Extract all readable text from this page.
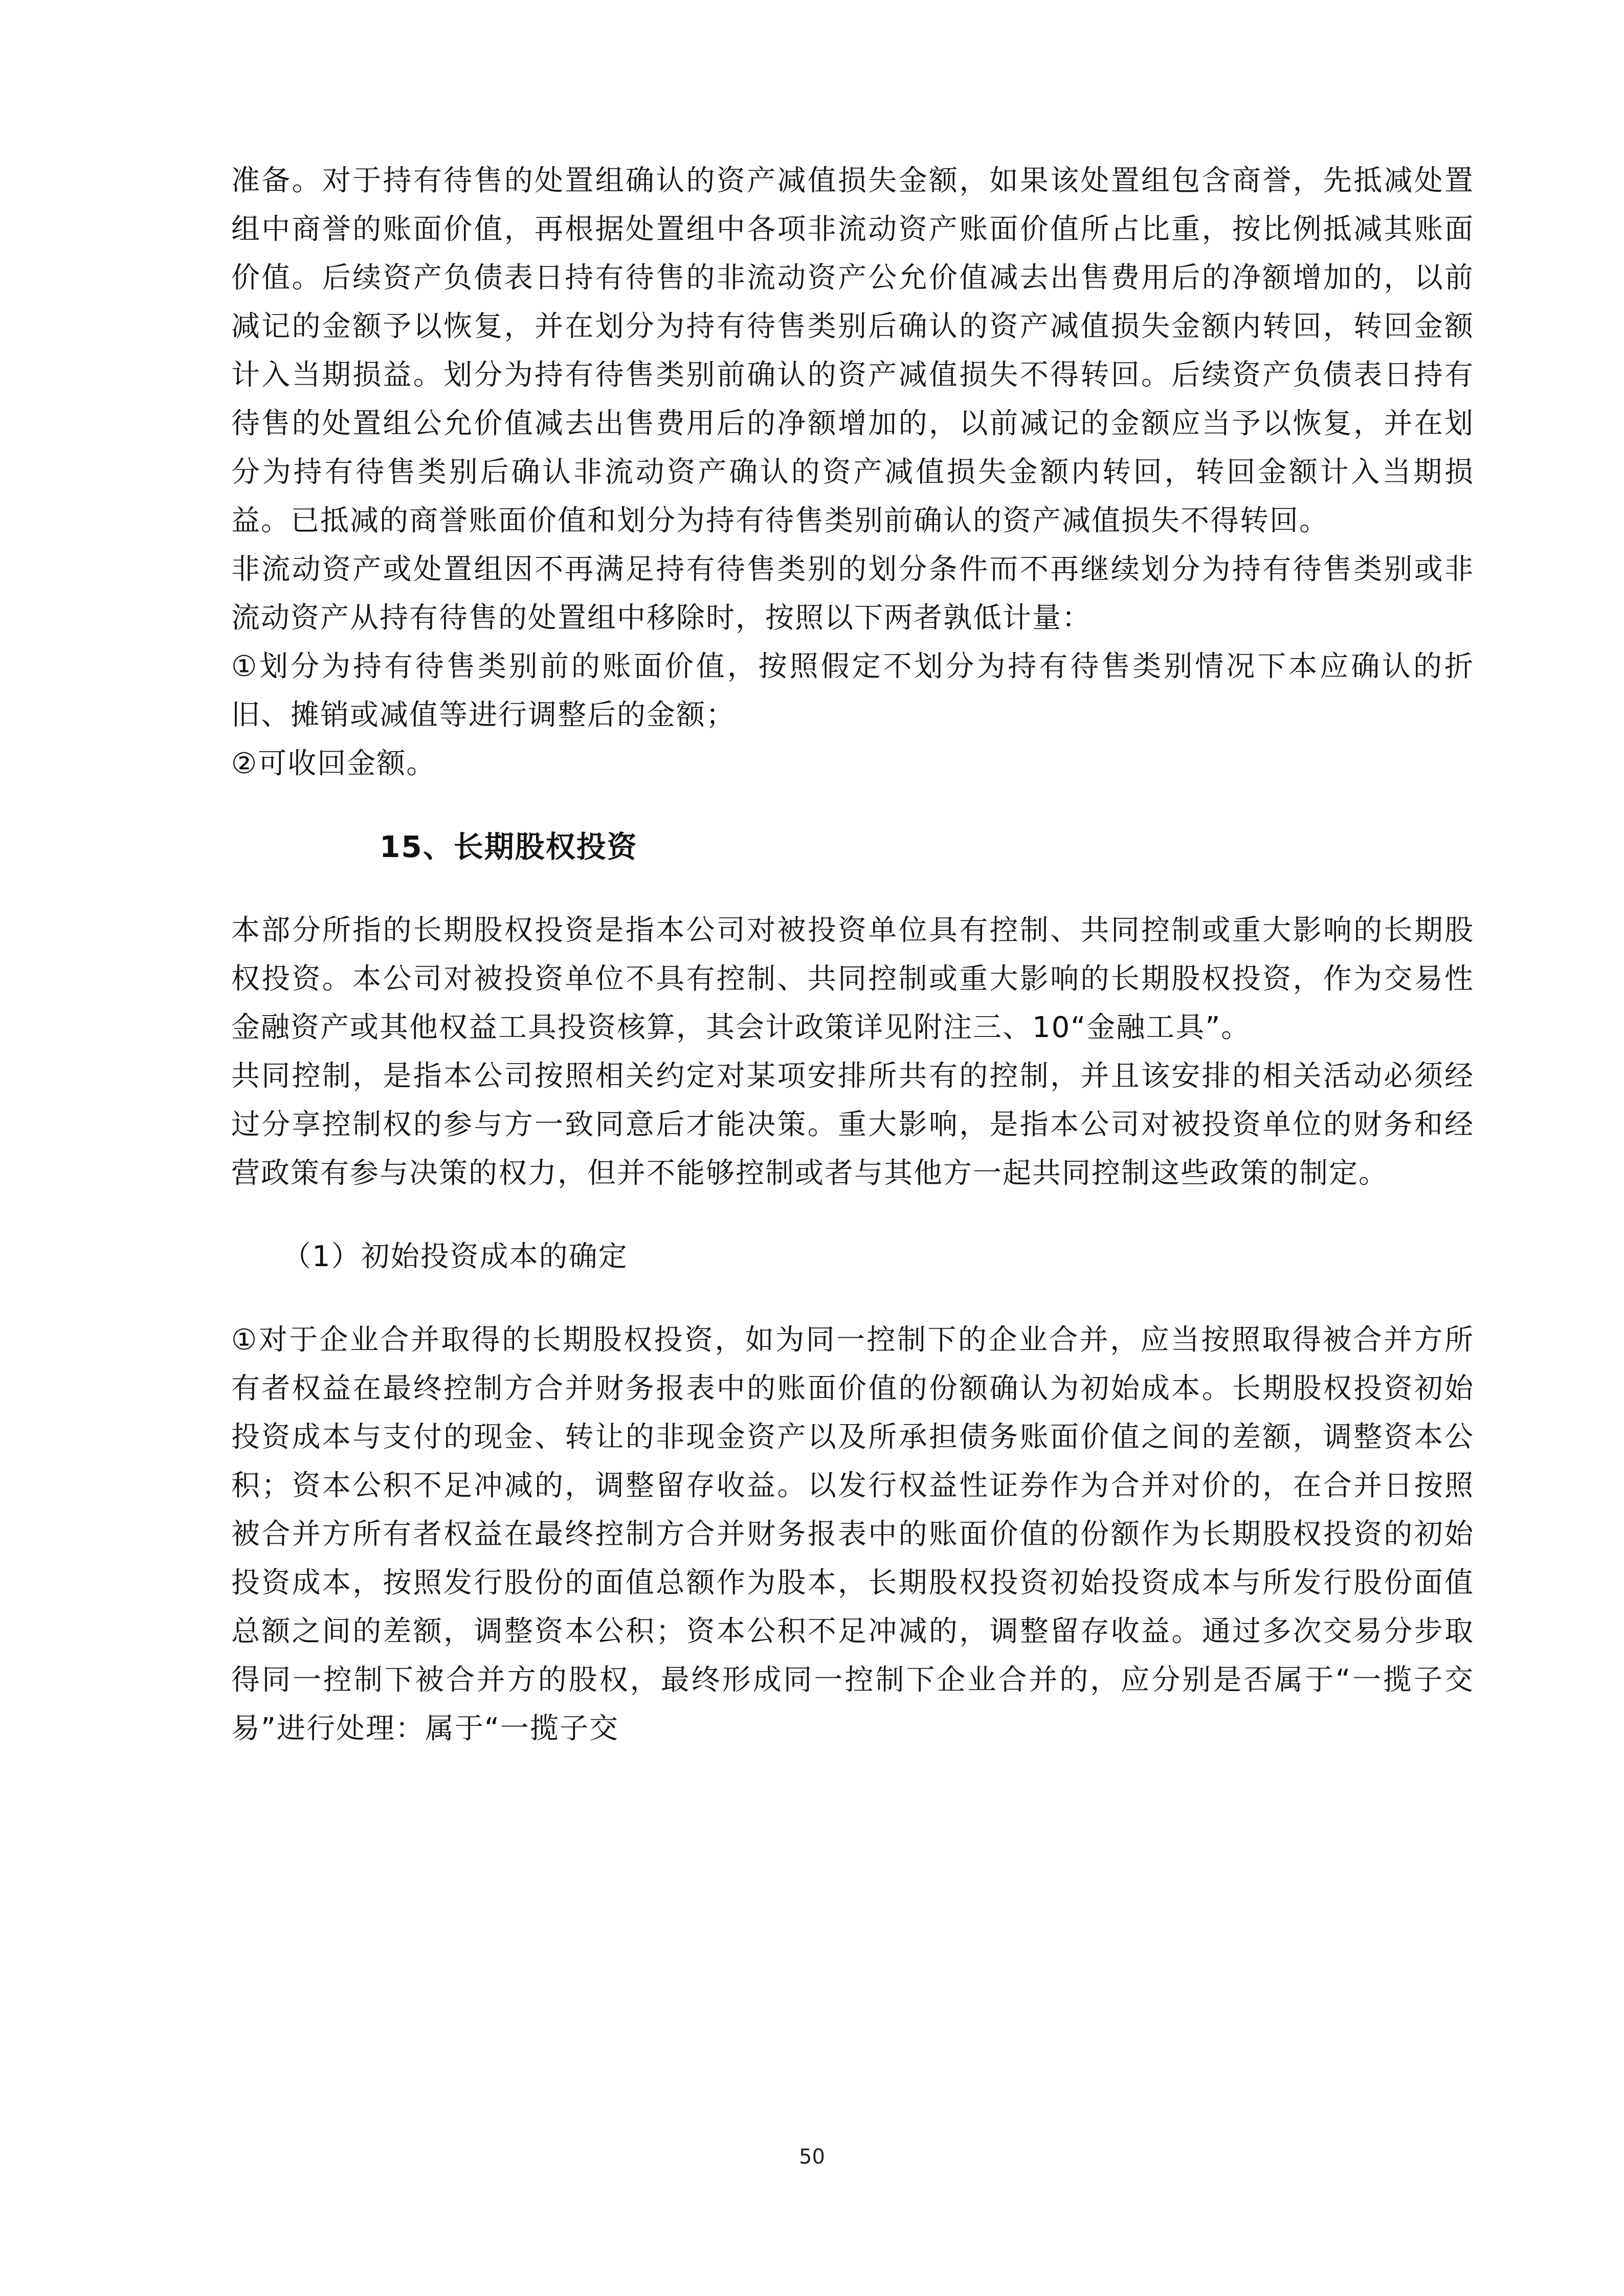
准备。对于持有待售的处置组确认的资产减值损失金额，如果该处置组包含商誉，先抵减处置组中商誉的账面价值，再根据处置组中各项非流动资产账面价值所占比重，按比例抵减其账面价值。后续资产负债表日持有待售的非流动资产公允价值减去出售费用后的净额增加的，以前减记的金额予以恢复，并在划分为持有待售类别后确认的资产减值损失金额内转回，转回金额计入当期损益。划分为持有待售类别前确认的资产减值损失不得转回。后续资产负债表日持有待售的处置组公允价值减去出售费用后的净额增加的，以前减记的金额应当予以恢复，并在划分为持有待售类别后确认非流动资产确认的资产减值损失金额内转回，转回金额计入当期损益。已抵减的商誉账面价值和划分为持有待售类别前确认的资产减值损失不得转回。

非流动资产或处置组因不再满足持有待售类别的划分条件而不再继续划分为持有待售类别或非流动资产从持有待售的处置组中移除时，按照以下两者孰低计量：

①划分为持有待售类别前的账面价值，按照假定不划分为持有待售类别情况下本应确认的折旧、摊销或减值等进行调整后的金额；

②可收回金额。

15、长期股权投资

本部分所指的长期股权投资是指本公司对被投资单位具有控制、共同控制或重大影响的长期股权投资。本公司对被投资单位不具有控制、共同控制或重大影响的长期股权投资，作为交易性金融资产或其他权益工具投资核算，其会计政策详见附注三、10“金融工具”。

共同控制，是指本公司按照相关约定对某项安排所共有的控制，并且该安排的相关活动必须经过分享控制权的参与方一致同意后才能决策。重大影响，是指本公司对被投资单位的财务和经营政策有参与决策的权力，但并不能够控制或者与其他方一起共同控制这些政策的制定。

（1）初始投资成本的确定

①对于企业合并取得的长期股权投资，如为同一控制下的企业合并，应当按照取得被合并方所有者权益在最终控制方合并财务报表中的账面价值的份额确认为初始成本。长期股权投资初始投资成本与支付的现金、转让的非现金资产以及所承担债务账面价值之间的差额，调整资本公积；资本公积不足冲减的，调整留存收益。以发行权益性证券作为合并对价的，在合并日按照被合并方所有者权益在最终控制方合并财务报表中的账面价值的份额作为长期股权投资的初始投资成本，按照发行股份的面值总额作为股本，长期股权投资初始投资成本与所发行股份面值总额之间的差额，调整资本公积；资本公积不足冲减的，调整留存收益。通过多次交易分步取得同一控制下被合并方的股权，最终形成同一控制下企业合并的，应分别是否属于“一揽子交易”进行处理：属于“一揽子交

50
